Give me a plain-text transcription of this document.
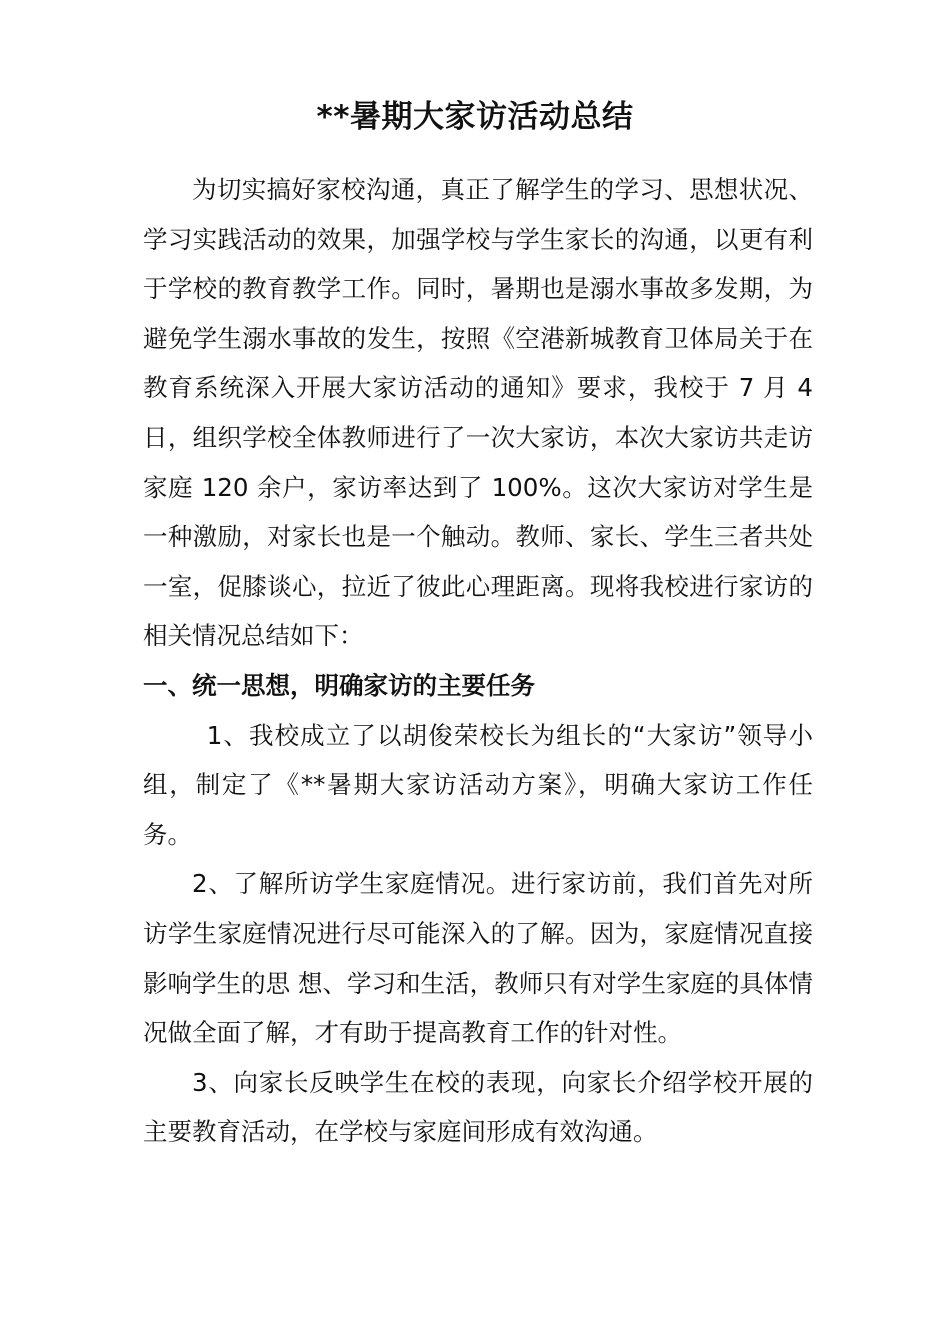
**暑期大家访活动总结

为切实搞好家校沟通，真正了解学生的学习、思想状况、 学习实践活动的效果，加强学校与学生家长的沟通，以更有利于学校的教育教学工作。同时，暑期也是溺水事故多发期，为避免学生溺水事故的发生，按照《空港新城教育卫体局关于在教育系统深入开展大家访活动的通知》要求，我校于 7 月 4 日，组织学校全体教师进行了一次大家访，本次大家访共走访家庭 120 余户，家访率达到了 100%。这次大家访对学生是一种激励，对家长也是一个触动。教师、家长、学生三者共处一室，促膝谈心，拉近了彼此心理距离。现将我校进行家访的相关情况总结如下：

一、统一思想，明确家访的主要任务

1、我校成立了以胡俊荣校长为组长的“大家访”领导小组，制定了《**暑期大家访活动方案》，明确大家访工作任务。

2、了解所访学生家庭情况。进行家访前，我们首先对所访学生家庭情况进行尽可能深入的了解。因为，家庭情况直接影响学生的思 想、学习和生活，教师只有对学生家庭的具体情况做全面了解，才有助于提高教育工作的针对性。

3、向家长反映学生在校的表现，向家长介绍学校开展的主要教育活动，在学校与家庭间形成有效沟通。
